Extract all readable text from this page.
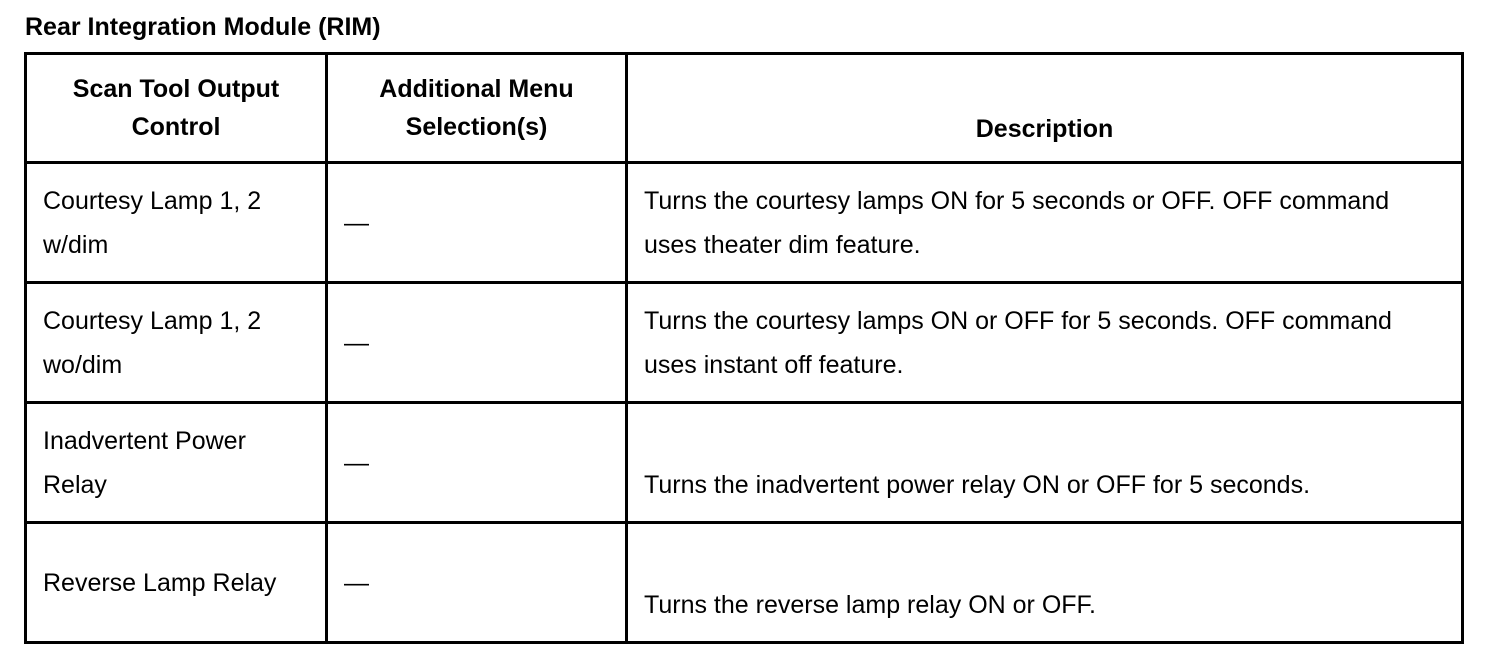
Rear Integration Module (RIM)
Scan Tool Output Control	Additional Menu Selection(s)	Description
Courtesy Lamp 1, 2 w/dim	—	Turns the courtesy lamps ON for 5 seconds or OFF. OFF command uses theater dim feature.
Courtesy Lamp 1, 2 wo/dim	—	Turns the courtesy lamps ON or OFF for 5 seconds. OFF command uses instant off feature.
Inadvertent Power Relay	—	Turns the inadvertent power relay ON or OFF for 5 seconds.
Reverse Lamp Relay	—	Turns the reverse lamp relay ON or OFF.
